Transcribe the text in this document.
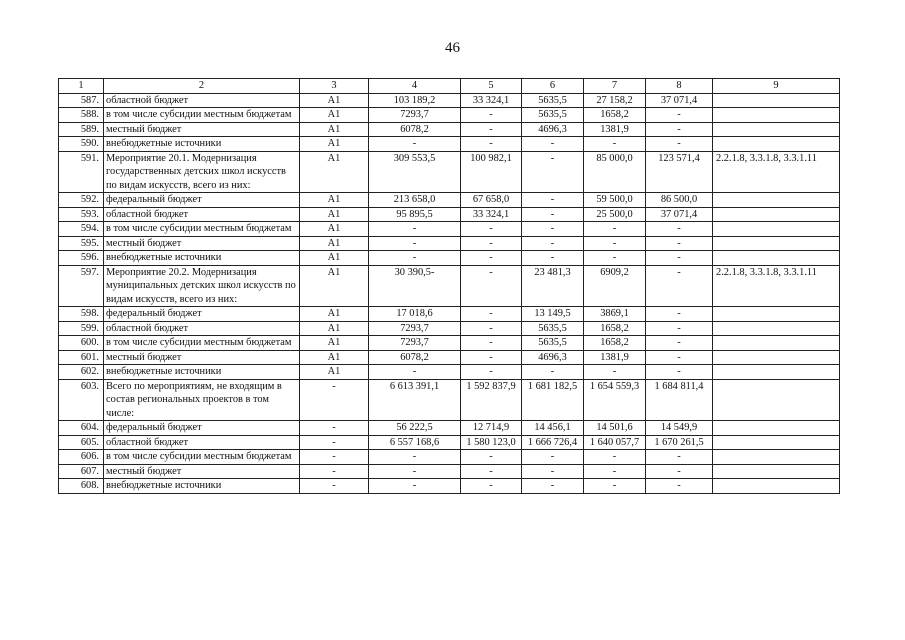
46
1	2	3	4	5	6	7	8	9
587.	областной бюджет	А1	103 189,2	33 324,1	5635,5	27 158,2	37 071,4	
588.	в том числе субсидии местным бюджетам	А1	7293,7	-	5635,5	1658,2	-	
589.	местный бюджет	А1	6078,2	-	4696,3	1381,9	-	
590.	внебюджетные источники	А1	-	-	-	-	-	
591.	Мероприятие 20.1. Модернизация государственных детских школ искусств по видам искусств, всего из них:	А1	309 553,5	100 982,1	-	85 000,0	123 571,4	2.2.1.8, 3.3.1.8, 3.3.1.11
592.	федеральный бюджет	А1	213 658,0	67 658,0	-	59 500,0	86 500,0	
593.	областной бюджет	А1	95 895,5	33 324,1	-	25 500,0	37 071,4	
594.	в том числе субсидии местным бюджетам	А1	-	-	-	-	-	
595.	местный бюджет	А1	-	-	-	-	-	
596.	внебюджетные источники	А1	-	-	-	-	-	
597.	Мероприятие 20.2. Модернизация муниципальных детских школ искусств по видам искусств, всего из них:	А1	30 390,5-	-	23 481,3	6909,2	-	2.2.1.8, 3.3.1.8, 3.3.1.11
598.	федеральный бюджет	А1	17 018,6	-	13 149,5	3869,1	-	
599.	областной бюджет	А1	7293,7	-	5635,5	1658,2	-	
600.	в том числе субсидии местным бюджетам	А1	7293,7	-	5635,5	1658,2	-	
601.	местный бюджет	А1	6078,2	-	4696,3	1381,9	-	
602.	внебюджетные источники	А1	-	-	-	-	-	
603.	Всего по мероприятиям, не входящим в состав региональных проектов в том числе:	-	6 613 391,1	1 592 837,9	1 681 182,5	1 654 559,3	1 684 811,4	
604.	федеральный бюджет	-	56 222,5	12 714,9	14 456,1	14 501,6	14 549,9	
605.	областной бюджет	-	6 557 168,6	1 580 123,0	1 666 726,4	1 640 057,7	1 670 261,5	
606.	в том числе субсидии местным бюджетам	-	-	-	-	-	-	
607.	местный бюджет	-	-	-	-	-	-	
608.	внебюджетные источники	-	-	-	-	-	-	
